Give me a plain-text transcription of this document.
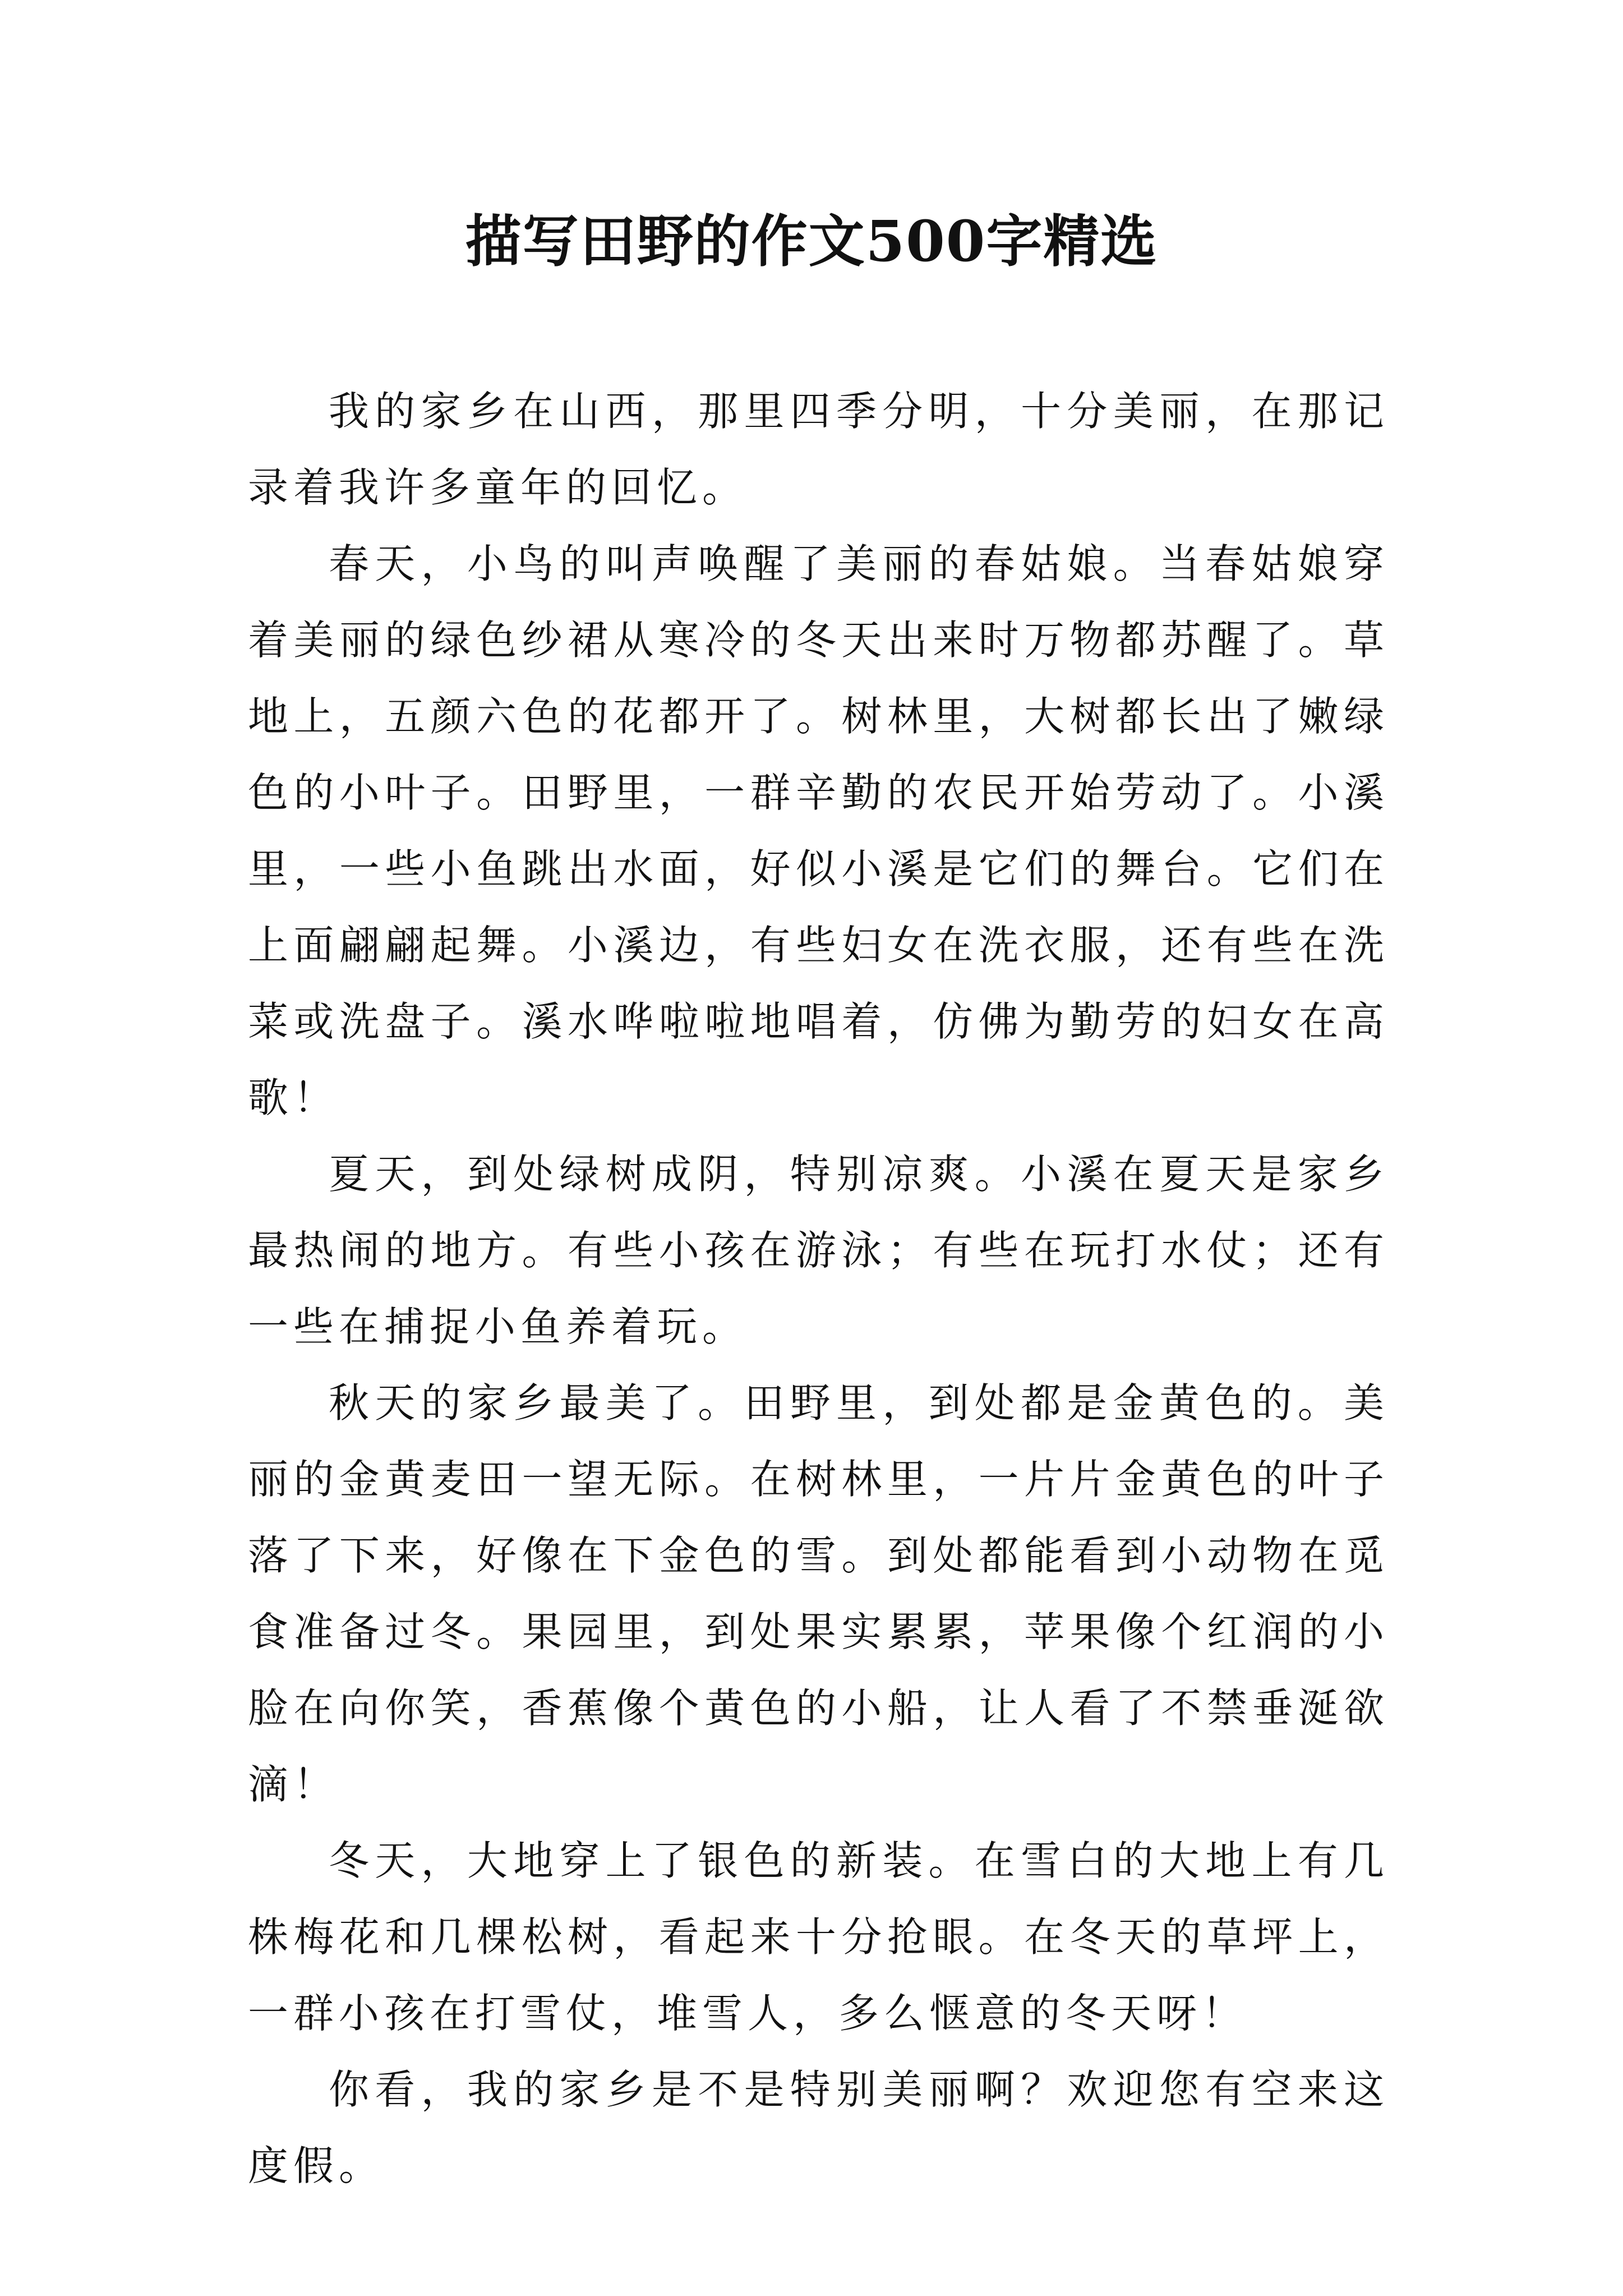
描写田野的作文500字精选

我的家乡在山西，那里四季分明，十分美丽，在那记录着我许多童年的回忆。

春天，小鸟的叫声唤醒了美丽的春姑娘。当春姑娘穿着美丽的绿色纱裙从寒冷的冬天出来时万物都苏醒了。草地上，五颜六色的花都开了。树林里，大树都长出了嫩绿色的小叶子。田野里，一群辛勤的农民开始劳动了。小溪里，一些小鱼跳出水面，好似小溪是它们的舞台。它们在上面翩翩起舞。小溪边，有些妇女在洗衣服，还有些在洗菜或洗盘子。溪水哗啦啦地唱着，仿佛为勤劳的妇女在高歌！

夏天，到处绿树成阴，特别凉爽。小溪在夏天是家乡最热闹的地方。有些小孩在游泳；有些在玩打水仗；还有一些在捕捉小鱼养着玩。

秋天的家乡最美了。田野里，到处都是金黄色的。美丽的金黄麦田一望无际。在树林里，一片片金黄色的叶子落了下来，好像在下金色的雪。到处都能看到小动物在觅食准备过冬。果园里，到处果实累累，苹果像个红润的小脸在向你笑，香蕉像个黄色的小船，让人看了不禁垂涎欲滴！

冬天，大地穿上了银色的新装。在雪白的大地上有几株梅花和几棵松树，看起来十分抢眼。在冬天的草坪上，一群小孩在打雪仗，堆雪人，多么惬意的冬天呀！

你看，我的家乡是不是特别美丽啊？欢迎您有空来这度假。
